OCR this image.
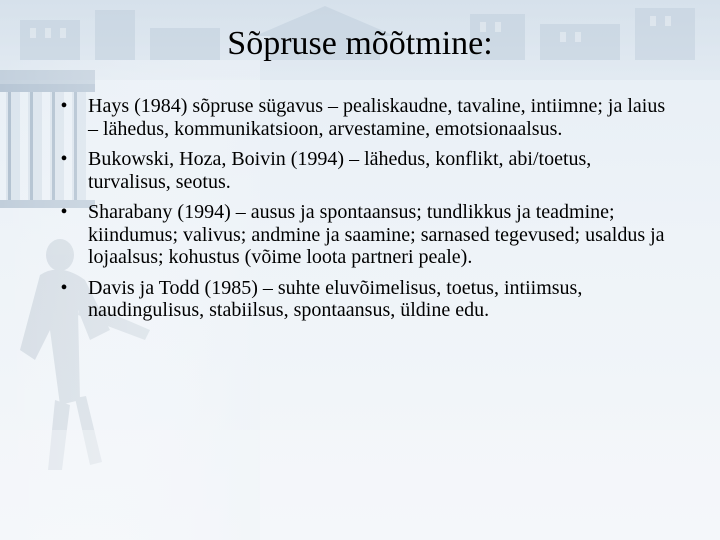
Sõpruse mõõtmine:
•	Hays (1984) sõpruse sügavus – pealiskaudne, tavaline, intiimne; ja laius – lähedus, kommunikatsioon, arvestamine, emotsionaalsus.
•	Bukowski, Hoza, Boivin (1994) – lähedus, konflikt, abi/toetus, turvalisus, seotus.
•	Sharabany (1994) – ausus ja spontaansus; tundlikkus ja teadmine; kiindumus; valivus; andmine ja saamine; sarnased tegevused; usaldus ja lojaalsus; kohustus (võime loota partneri peale).
•	Davis ja Todd (1985) – suhte eluvõimelisus, toetus, intiimsus, naudingulisus, stabiilsus, spontaansus, üldine edu.
